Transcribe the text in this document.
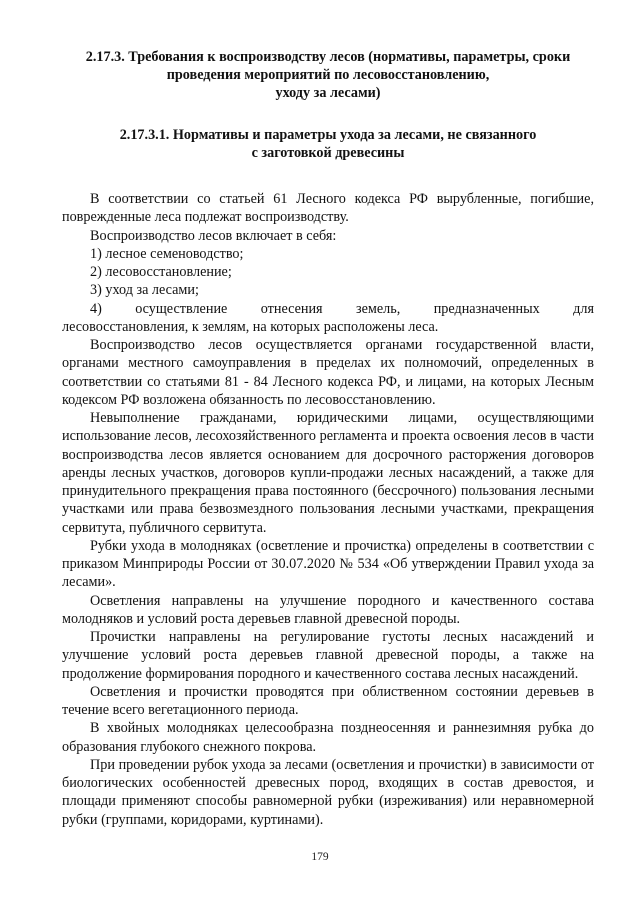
2.17.3. Требования к воспроизводству лесов (нормативы, параметры, сроки
проведения мероприятий по лесовосстановлению,
уходу за лесами)
2.17.3.1. Нормативы и параметры ухода за лесами, не связанного
с заготовкой древесины

В соответствии со статьей 61 Лесного кодекса РФ вырубленные, погибшие, поврежденные леса подлежат воспроизводству.

Воспроизводство лесов включает в себя:

1) лесное семеноводство;

2) лесовосстановление;

3) уход за лесами;

4) осуществление отнесения земель, предназначенных для
лесовосстановления, к землям, на которых расположены леса.

Воспроизводство лесов осуществляется органами государственной власти, органами местного самоуправления в пределах их полномочий, определенных в соответствии со статьями 81 - 84 Лесного кодекса РФ, и лицами, на которых Лесным кодексом РФ возложена обязанность по лесовосстановлению.

Невыполнение гражданами, юридическими лицами, осуществляющими использование лесов, лесохозяйственного регламента и проекта освоения лесов в части воспроизводства лесов является основанием для досрочного расторжения договоров аренды лесных участков, договоров купли-продажи лесных насаждений, а также для принудительного прекращения права постоянного (бессрочного) пользования лесными участками или права безвозмездного пользования лесными участками, прекращения сервитута, публичного сервитута.

Рубки ухода в молодняках (осветление и прочистка) определены в соответствии с приказом Минприроды России от 30.07.2020 № 534 «Об утверждении Правил ухода за лесами».

Осветления направлены на улучшение породного и качественного состава молодняков и условий роста деревьев главной древесной породы.

Прочистки направлены на регулирование густоты лесных насаждений и улучшение условий роста деревьев главной древесной породы, а также на продолжение формирования породного и качественного состава лесных насаждений.

Осветления и прочистки проводятся при облиственном состоянии деревьев в течение всего вегетационного периода.

В хвойных молодняках целесообразна позднеосенняя и раннезимняя рубка до образования глубокого снежного покрова.

При проведении рубок ухода за лесами (осветления и прочистки) в зависимости от биологических особенностей древесных пород, входящих в состав древостоя, и площади применяют способы равномерной рубки (изреживания) или неравномерной рубки (группами, коридорами, куртинами).

179
